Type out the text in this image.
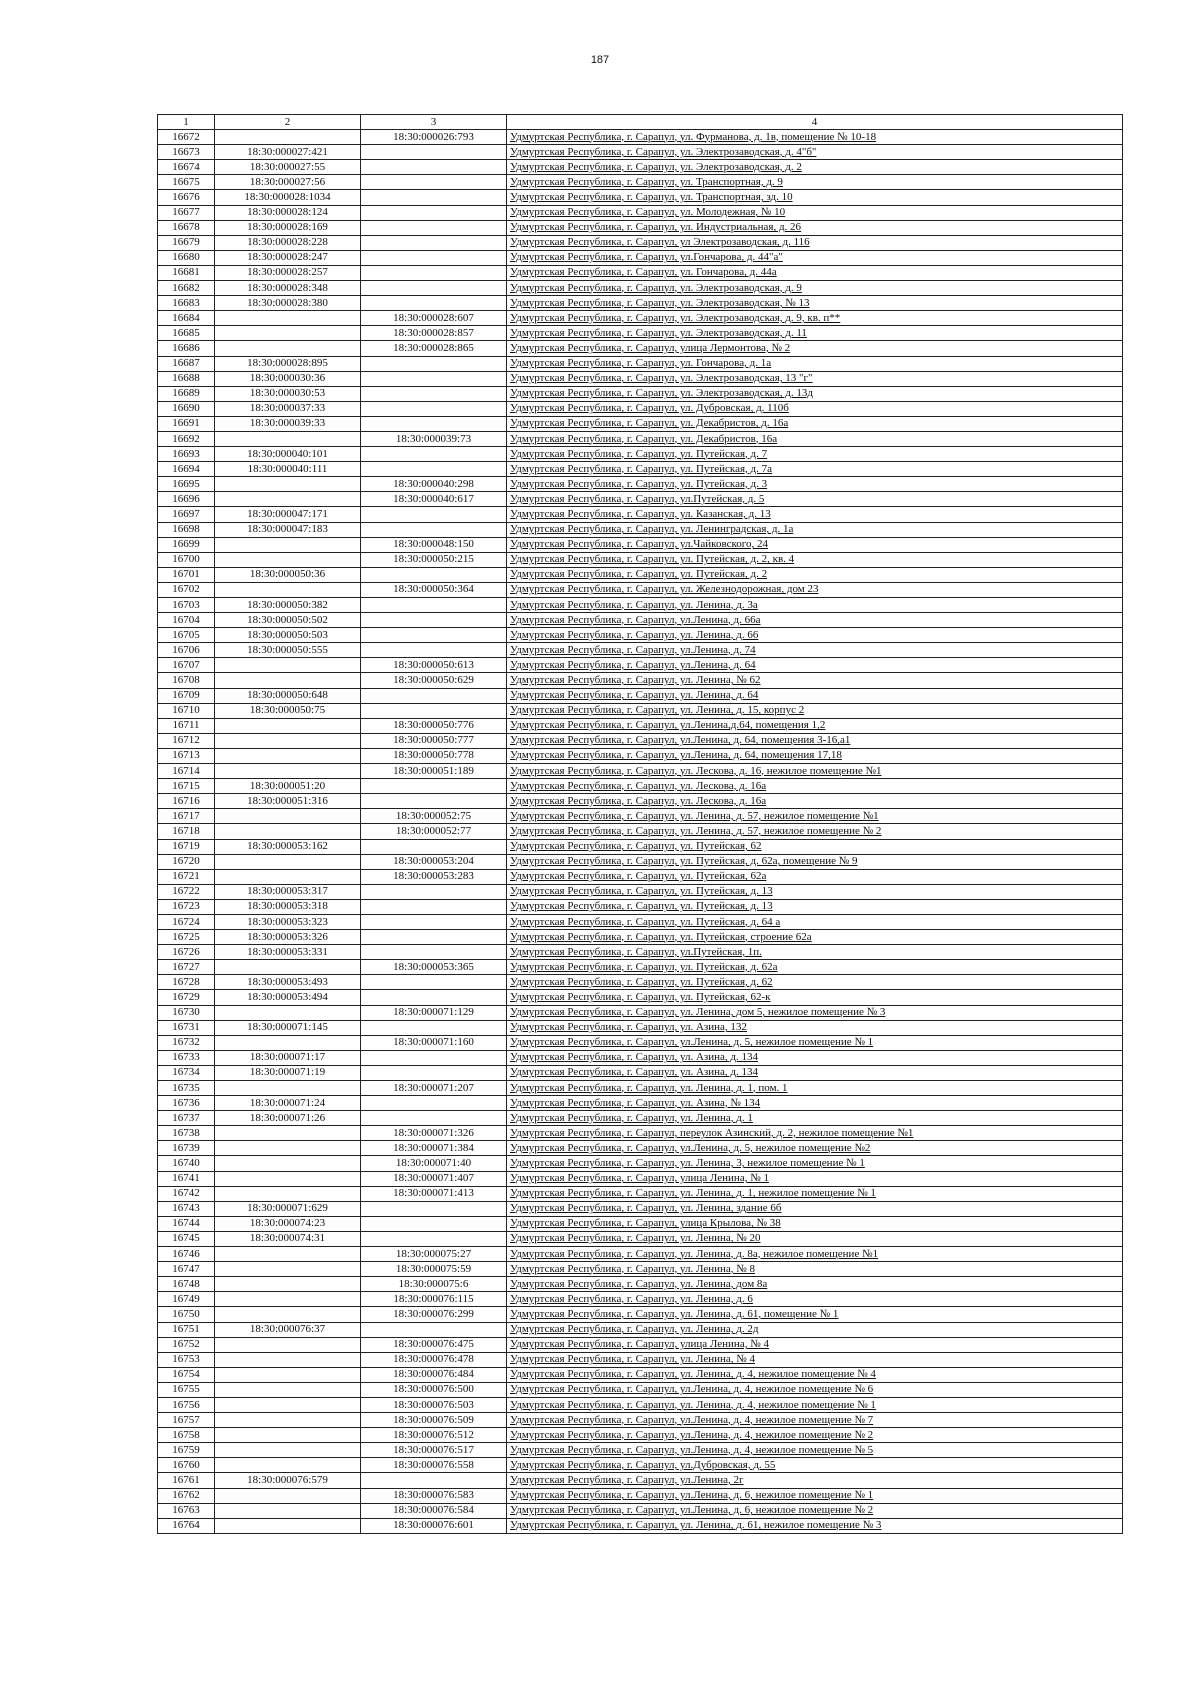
187
1	2	3	4
16672		18:30:000026:793	Удмуртская Республика, г. Сарапул, ул. Фурманова, д. 1в, помещение № 10-18
16673	18:30:000027:421		Удмуртская Республика, г. Сарапул, ул. Электрозаводская, д. 4"б"
16674	18:30:000027:55		Удмуртская Республика, г. Сарапул, ул. Электрозаводская, д. 2
16675	18:30:000027:56		Удмуртская Республика, г. Сарапул, ул. Транспортная, д. 9
16676	18:30:000028:1034		Удмуртская Республика, г. Сарапул, ул. Транспортная, зд. 10
16677	18:30:000028:124		Удмуртская Республика, г. Сарапул, ул. Молодежная, № 10
16678	18:30:000028:169		Удмуртская Республика, г. Сарапул, ул. Индустриальная, д. 26
16679	18:30:000028:228		Удмуртская Республика, г. Сарапул, ул Электрозаводская, д. 116
16680	18:30:000028:247		Удмуртская Республика, г. Сарапул, ул.Гончарова, д. 44"а"
16681	18:30:000028:257		Удмуртская Республика, г. Сарапул, ул. Гончарова, д. 44а
16682	18:30:000028:348		Удмуртская Республика, г. Сарапул, ул. Электрозаводская, д. 9
16683	18:30:000028:380		Удмуртская Республика, г. Сарапул, ул. Электрозаводская, № 13
16684		18:30:000028:607	Удмуртская Республика, г. Сарапул, ул. Электрозаводская, д. 9, кв. п**
16685		18:30:000028:857	Удмуртская Республика, г. Сарапул, ул. Электрозаводская, д. 11
16686		18:30:000028:865	Удмуртская Республика, г. Сарапул, улица Лермонтова, № 2
16687	18:30:000028:895		Удмуртская Республика, г. Сарапул, ул. Гончарова, д. 1а
16688	18:30:000030:36		Удмуртская Республика, г. Сарапул, ул. Электрозаводская, 13 "г"
16689	18:30:000030:53		Удмуртская Республика, г. Сарапул, ул. Электрозаводская, д. 13д
16690	18:30:000037:33		Удмуртская Республика, г. Сарапул, ул. Дубровская, д. 110б
16691	18:30:000039:33		Удмуртская Республика, г. Сарапул, ул. Декабристов, д. 16а
16692		18:30:000039:73	Удмуртская Республика, г. Сарапул, ул. Декабристов, 16а
16693	18:30:000040:101		Удмуртская Республика, г. Сарапул, ул. Путейская, д. 7
16694	18:30:000040:111		Удмуртская Республика, г. Сарапул, ул. Путейская, д. 7а
16695		18:30:000040:298	Удмуртская Республика, г. Сарапул, ул. Путейская, д. 3
16696		18:30:000040:617	Удмуртская Республика, г. Сарапул, ул.Путейская, д. 5
16697	18:30:000047:171		Удмуртская Республика, г. Сарапул, ул. Казанская, д. 13
16698	18:30:000047:183		Удмуртская Республика, г. Сарапул, ул. Ленинградская, д. 1а
16699		18:30:000048:150	Удмуртская Республика, г. Сарапул, ул.Чайковского, 24
16700		18:30:000050:215	Удмуртская Республика, г. Сарапул, ул. Путейская, д. 2, кв. 4
16701	18:30:000050:36		Удмуртская Республика, г. Сарапул, ул. Путейская, д. 2
16702		18:30:000050:364	Удмуртская Республика, г. Сарапул, ул. Железнодорожная, дом 23
16703	18:30:000050:382		Удмуртская Республика, г. Сарапул, ул. Ленина, д. 3а
16704	18:30:000050:502		Удмуртская Республика, г. Сарапул, ул.Ленина, д. 66а
16705	18:30:000050:503		Удмуртская Республика, г. Сарапул, ул. Ленина, д. 66
16706	18:30:000050:555		Удмуртская Республика, г. Сарапул, ул.Ленина, д. 74
16707		18:30:000050:613	Удмуртская Республика, г. Сарапул, ул.Ленина, д. 64
16708		18:30:000050:629	Удмуртская Республика, г. Сарапул, ул. Ленина, № 62
16709	18:30:000050:648		Удмуртская Республика, г. Сарапул, ул. Ленина, д. 64
16710	18:30:000050:75		Удмуртская Республика, г. Сарапул, ул. Ленина, д. 15, корпус 2
16711		18:30:000050:776	Удмуртская Республика, г. Сарапул, ул.Ленина,д.64, помещения 1,2
16712		18:30:000050:777	Удмуртская Республика, г. Сарапул, ул.Ленина, д. 64, помещения 3-16,а1
16713		18:30:000050:778	Удмуртская Республика, г. Сарапул, ул.Ленина, д. 64, помещения 17,18
16714		18:30:000051:189	Удмуртская Республика, г. Сарапул, ул. Лескова, д. 16, нежилое помещение №1
16715	18:30:000051:20		Удмуртская Республика, г. Сарапул, ул. Лескова, д. 16а
16716	18:30:000051:316		Удмуртская Республика, г. Сарапул, ул. Лескова, д. 16а
16717		18:30:000052:75	Удмуртская Республика, г. Сарапул, ул. Ленина, д. 57, нежилое помещение №1
16718		18:30:000052:77	Удмуртская Республика, г. Сарапул, ул. Ленина, д. 57, нежилое помещение № 2
16719	18:30:000053:162		Удмуртская Республика, г. Сарапул, ул. Путейская, 62
16720		18:30:000053:204	Удмуртская Республика, г. Сарапул, ул. Путейская, д. 62а, помещение № 9
16721		18:30:000053:283	Удмуртская Республика, г. Сарапул, ул. Путейская, 62а
16722	18:30:000053:317		Удмуртская Республика, г. Сарапул, ул. Путейская, д. 13
16723	18:30:000053:318		Удмуртская Республика, г. Сарапул, ул. Путейская, д. 13
16724	18:30:000053:323		Удмуртская Республика, г. Сарапул, ул. Путейская, д. 64 а
16725	18:30:000053:326		Удмуртская Республика, г. Сарапул, ул. Путейская, строение 62а
16726	18:30:000053:331		Удмуртская Республика, г. Сарапул, ул.Путейская, 1п.
16727		18:30:000053:365	Удмуртская Республика, г. Сарапул, ул. Путейская, д. 62а
16728	18:30:000053:493		Удмуртская Республика, г. Сарапул, ул. Путейская, д. 62
16729	18:30:000053:494		Удмуртская Республика, г. Сарапул, ул. Путейская, 62-к
16730		18:30:000071:129	Удмуртская Республика, г. Сарапул, ул. Ленина, дом 5, нежилое помещение № 3
16731	18:30:000071:145		Удмуртская Республика, г. Сарапул, ул. Азина, 132
16732		18:30:000071:160	Удмуртская Республика, г. Сарапул, ул.Ленина, д. 5, нежилое помещение № 1
16733	18:30:000071:17		Удмуртская Республика, г. Сарапул, ул. Азина, д. 134
16734	18:30:000071:19		Удмуртская Республика, г. Сарапул, ул. Азина, д. 134
16735		18:30:000071:207	Удмуртская Республика, г. Сарапул, ул. Ленина, д. 1, пом. 1
16736	18:30:000071:24		Удмуртская Республика, г. Сарапул, ул. Азина, № 134
16737	18:30:000071:26		Удмуртская Республика, г. Сарапул, ул. Ленина, д. 1
16738		18:30:000071:326	Удмуртская Республика, г. Сарапул, переулок Азинский, д. 2, нежилое помещение №1
16739		18:30:000071:384	Удмуртская Республика, г. Сарапул, ул.Ленина, д. 5, нежилое помещение №2
16740		18:30:000071:40	Удмуртская Республика, г. Сарапул, ул. Ленина, 3, нежилое помещение № 1
16741		18:30:000071:407	Удмуртская Республика, г. Сарапул, улица Ленина, № 1
16742		18:30:000071:413	Удмуртская Республика, г. Сарапул, ул. Ленина, д. 1, нежилое помещение № 1
16743	18:30:000071:629		Удмуртская Республика, г. Сарапул, ул. Ленина, здание 6б
16744	18:30:000074:23		Удмуртская Республика, г. Сарапул, улица Крылова, № 38
16745	18:30:000074:31		Удмуртская Республика, г. Сарапул, ул. Ленина, № 20
16746		18:30:000075:27	Удмуртская Республика, г. Сарапул, ул. Ленина, д. 8а, нежилое помещение №1
16747		18:30:000075:59	Удмуртская Республика, г. Сарапул, ул. Ленина, № 8
16748		18:30:000075:6	Удмуртская Республика, г. Сарапул, ул. Ленина, дом 8а
16749		18:30:000076:115	Удмуртская Республика, г. Сарапул, ул. Ленина, д. 6
16750		18:30:000076:299	Удмуртская Республика, г. Сарапул, ул. Ленина, д. 61, помещение № 1
16751	18:30:000076:37		Удмуртская Республика, г. Сарапул, ул. Ленина, д. 2д
16752		18:30:000076:475	Удмуртская Республика, г. Сарапул, улица Ленина, № 4
16753		18:30:000076:478	Удмуртская Республика, г. Сарапул, ул. Ленина, № 4
16754		18:30:000076:484	Удмуртская Республика, г. Сарапул, ул. Ленина, д. 4, нежилое помещение № 4
16755		18:30:000076:500	Удмуртская Республика, г. Сарапул, ул.Ленина, д. 4, нежилое помещение № 6
16756		18:30:000076:503	Удмуртская Республика, г. Сарапул, ул. Ленина, д. 4, нежилое помещение № 1
16757		18:30:000076:509	Удмуртская Республика, г. Сарапул, ул.Ленина, д. 4, нежилое помещение № 7
16758		18:30:000076:512	Удмуртская Республика, г. Сарапул, ул.Ленина, д. 4, нежилое помещение № 2
16759		18:30:000076:517	Удмуртская Республика, г. Сарапул, ул.Ленина, д. 4, нежилое помещение № 5
16760		18:30:000076:558	Удмуртская Республика, г. Сарапул, ул.Дубровская, д. 55
16761	18:30:000076:579		Удмуртская Республика, г. Сарапул, ул.Ленина, 2г
16762		18:30:000076:583	Удмуртская Республика, г. Сарапул, ул.Ленина, д. 6, нежилое помещение № 1
16763		18:30:000076:584	Удмуртская Республика, г. Сарапул, ул.Ленина, д. 6, нежилое помещение № 2
16764		18:30:000076:601	Удмуртская Республика, г. Сарапул, ул. Ленина, д. 61, нежилое помещение № 3
